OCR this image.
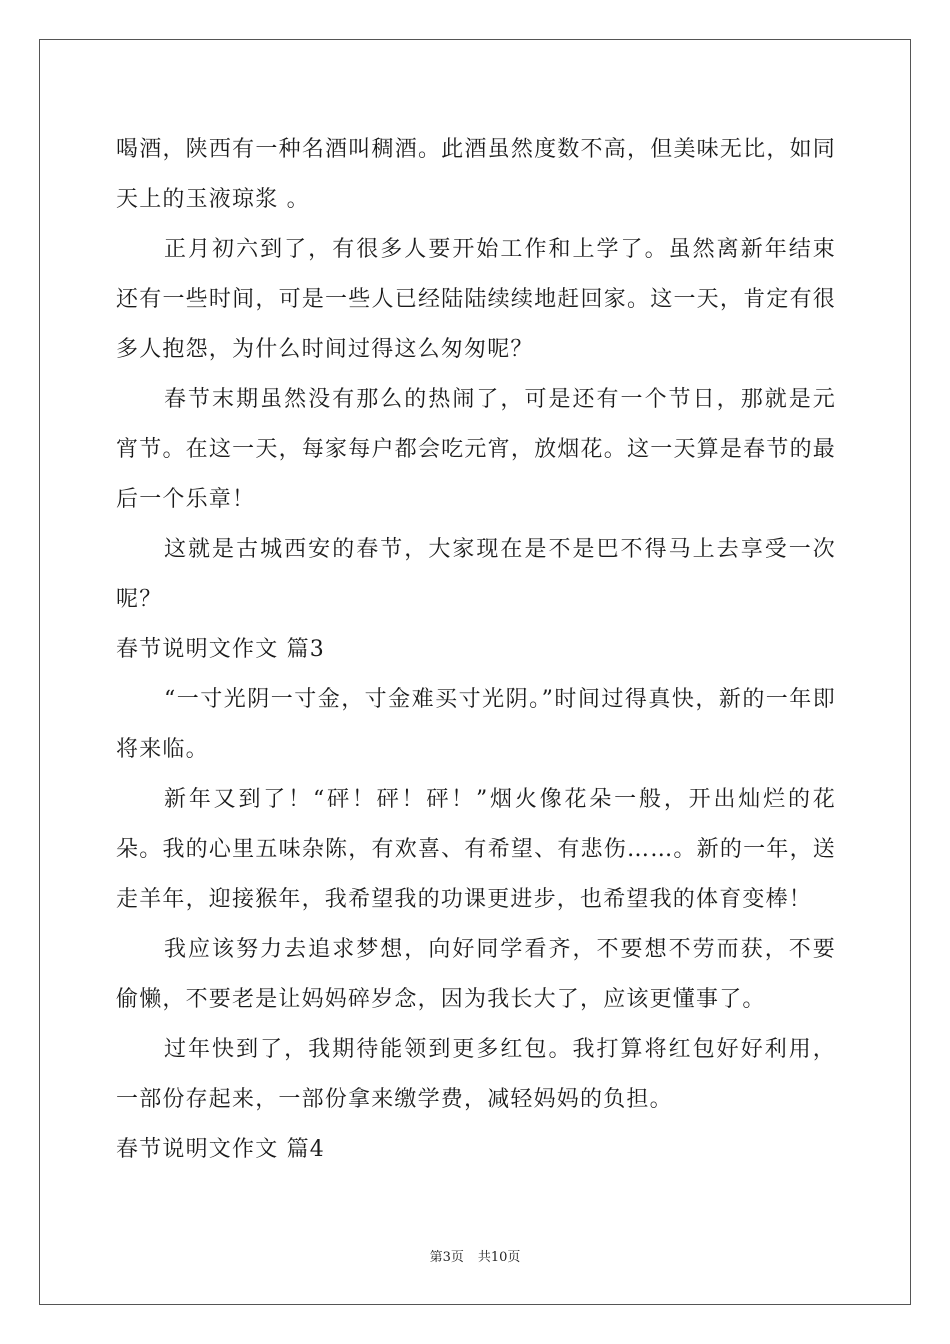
喝酒，陕西有一种名酒叫稠酒。此酒虽然度数不高，但美味无比，如同天上的玉液琼浆 。

正月初六到了，有很多人要开始工作和上学了。虽然离新年结束还有一些时间，可是一些人已经陆陆续续地赶回家。这一天，肯定有很多人抱怨，为什么时间过得这么匆匆呢？

春节末期虽然没有那么的热闹了，可是还有一个节日，那就是元宵节。在这一天，每家每户都会吃元宵，放烟花。这一天算是春节的最后一个乐章！

这就是古城西安的春节，大家现在是不是巴不得马上去享受一次呢？

春节说明文作文 篇3

“一寸光阴一寸金，寸金难买寸光阴。”时间过得真快，新的一年即将来临。

新年又到了！“砰！砰！砰！”烟火像花朵一般，开出灿烂的花朵。我的心里五味杂陈，有欢喜、有希望、有悲伤……。新的一年，送走羊年，迎接猴年，我希望我的功课更进步，也希望我的体育变棒！

我应该努力去追求梦想，向好同学看齐，不要想不劳而获，不要偷懒，不要老是让妈妈碎岁念，因为我长大了，应该更懂事了。

过年快到了，我期待能领到更多红包。我打算将红包好好利用，一部份存起来，一部份拿来缴学费，减轻妈妈的负担。

春节说明文作文 篇4

第3页 共10页
